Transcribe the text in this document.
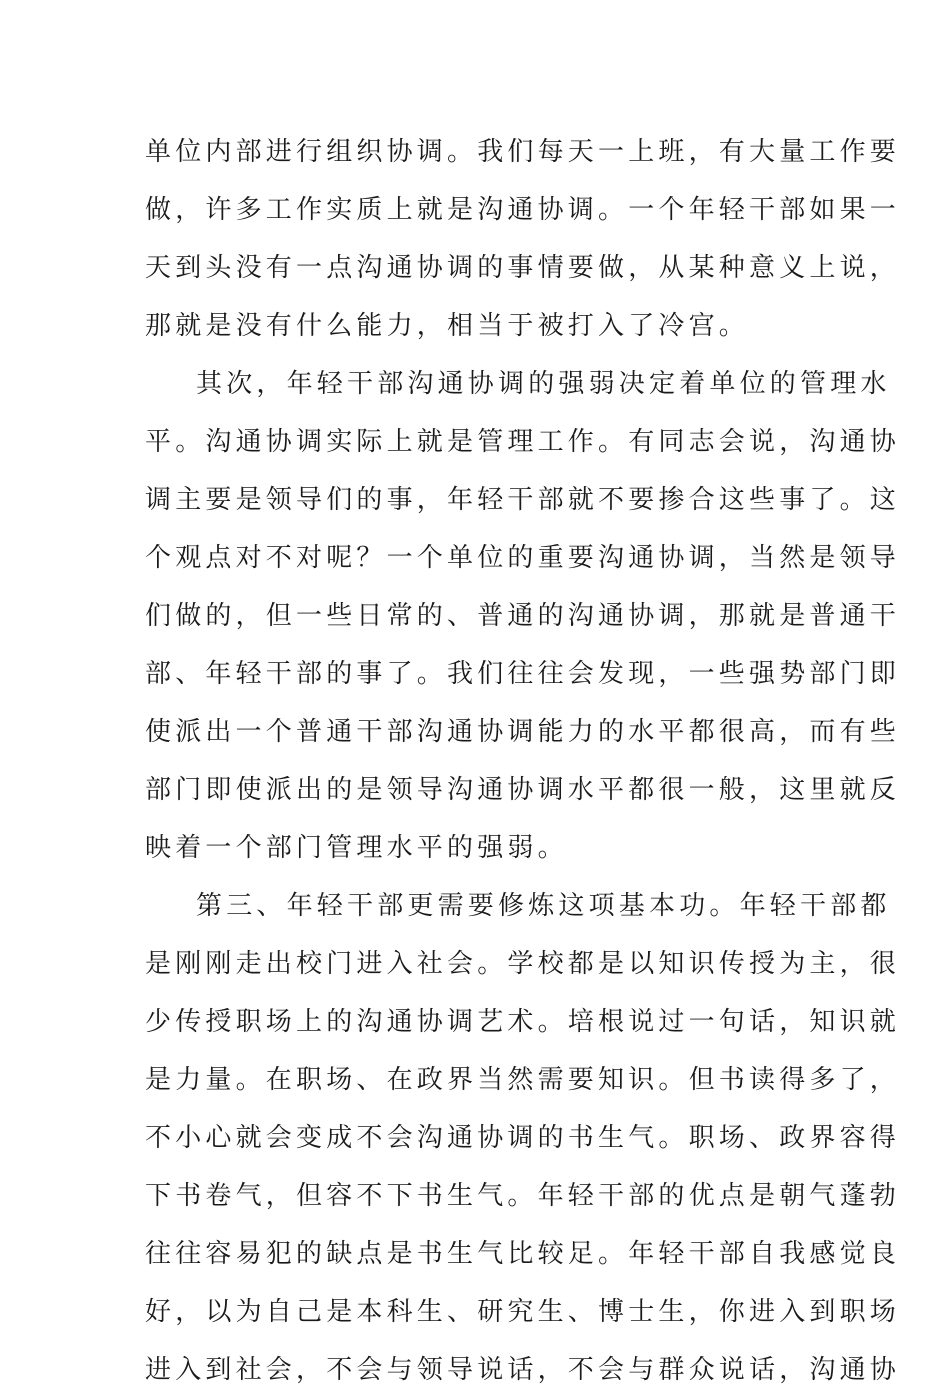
单位内部进行组织协调。我们每天一上班，有大量工作要
做，许多工作实质上就是沟通协调。一个年轻干部如果一
天到头没有一点沟通协调的事情要做，从某种意义上说，
那就是没有什么能力，相当于被打入了冷宫。
其次，年轻干部沟通协调的强弱决定着单位的管理水
平。沟通协调实际上就是管理工作。有同志会说，沟通协
调主要是领导们的事，年轻干部就不要掺合这些事了。这
个观点对不对呢？一个单位的重要沟通协调，当然是领导
们做的，但一些日常的、普通的沟通协调，那就是普通干
部、年轻干部的事了。我们往往会发现，一些强势部门即
使派出一个普通干部沟通协调能力的水平都很高，而有些
部门即使派出的是领导沟通协调水平都很一般，这里就反
映着一个部门管理水平的强弱。
第三、年轻干部更需要修炼这项基本功。年轻干部都
是刚刚走出校门进入社会。学校都是以知识传授为主，很
少传授职场上的沟通协调艺术。培根说过一句话，知识就
是力量。在职场、在政界当然需要知识。但书读得多了，
不小心就会变成不会沟通协调的书生气。职场、政界容得
下书卷气，但容不下书生气。年轻干部的优点是朝气蓬勃
往往容易犯的缺点是书生气比较足。年轻干部自我感觉良
好，以为自己是本科生、研究生、博士生，你进入到职场
进入到社会，不会与领导说话，不会与群众说话，沟通协
